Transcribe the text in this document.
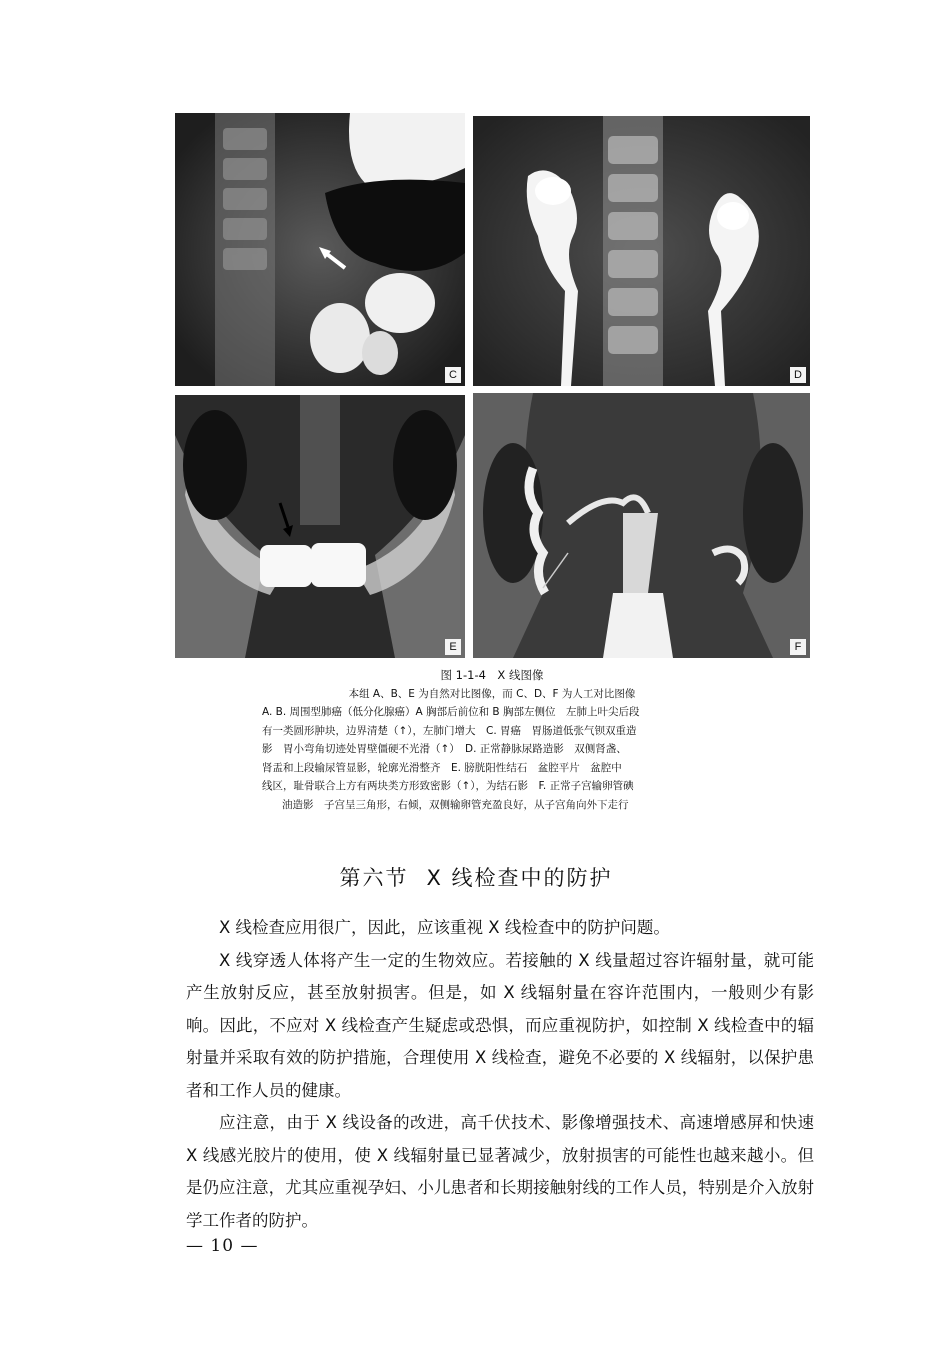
C	D
E	F
图 1-1-4　X 线图像
本组 A、B、E 为自然对比图像，而 C、D、F 为人工对比图像
A. B. 周围型肺癌（低分化腺癌）A 胸部后前位和 B 胸部左侧位　左肺上叶尖后段
有一类圆形肿块，边界清楚（↑），左肺门增大　C. 胃癌　胃肠道低张气钡双重造
影　胃小弯角切迹处胃壁僵硬不光滑（↑）　D. 正常静脉尿路造影　双侧肾盏、
肾盂和上段输尿管显影，轮廓光滑整齐　E. 膀胱阳性结石　盆腔平片　盆腔中
线区，耻骨联合上方有两块类方形致密影（↑），为结石影　F. 正常子宫输卵管碘
油造影　子宫呈三角形，右倾，双侧输卵管充盈良好，从子宫角向外下走行
第六节 X 线检查中的防护

X 线检查应用很广，因此，应该重视 X 线检查中的防护问题。

X 线穿透人体将产生一定的生物效应。若接触的 X 线量超过容许辐射量，就可能产生放射反应，甚至放射损害。但是，如 X 线辐射量在容许范围内，一般则少有影响。因此，不应对 X 线检查产生疑虑或恐惧，而应重视防护，如控制 X 线检查中的辐射量并采取有效的防护措施，合理使用 X 线检查，避免不必要的 X 线辐射，以保护患者和工作人员的健康。

应注意，由于 X 线设备的改进，高千伏技术、影像增强技术、高速增感屏和快速 X 线感光胶片的使用，使 X 线辐射量已显著减少，放射损害的可能性也越来越小。但是仍应注意，尤其应重视孕妇、小儿患者和长期接触射线的工作人员，特别是介入放射学工作者的防护。

— 10 —
